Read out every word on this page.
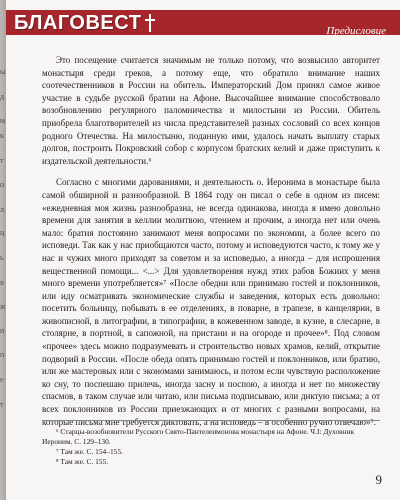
ы
д
м
к
т
о
л
ц
ь
в
ж
и
п
е
т
БЛАГОВЕСТ	Предисловие

Это посещение считается значимым не только потому, что возвысило авторитет монастыря среди греков, а потому еще, что обратило внимание наших соотечественников в России на обитель. Императорский Дом принял самое живое участие в судьбе русской братии на Афоне. Высочайшее внимание способствовало возобновлению регулярного паломничества и милостыни из России. Обитель приобрела благотворителей из числа представителей разных сословий со всех концов родного Отечества. На милостыню, поданную ими, удалось начать выплату старых долгов, построить Покровский собор с корпусом братских келий и даже приступить к издательской деятельности.⁶

Согласно с многими дарованиями, и деятельность о. Иеронима в монастыре была самой обширной и разнообразной. В 1864 году он писал о себе в одном из писем: «ежедневная моя жизнь разнообразна, не всегда одинакова, иногда я имею довольно времени для занятия в келлии молитвою, чтением и прочим, а иногда нет или очень мало: братия постоянно занимают меня вопросами по экономии, а более всего по исповеди. Так как у нас приобщаются часто, потому и исповедуются часто, к тому же у нас и чужих много приходят за советом и за исповедью, а иногда – для испрошения вещественной помощи... <...> Для удовлетворения нужд этих рабов Божиих у меня много времени употребляется»⁷ «После обедни или принимаю гостей и поклонников, или иду осматривать экономические службы и заведения, которых есть довольно: посетить больницу, побывать в ее отделениях, в поварне, в трапезе, в канцелярии, в живописной, в литографии, в типографии, в кожевенном заводе, в кузне, в слесарне, в столярне, в портной, в сапожной, на пристани и на огороде и прочее»⁸. Под словом «прочее» здесь можно подразумевать и строительство новых храмов, келий, открытие подворий в России. «После обеда опять принимаю гостей и поклонников, или братию, или же мастеровых или с экономами занимаюсь, и потом если чувствую расположение ко сну, то поспешаю прилечь, иногда засну и поспою, а иногда и нет по множеству спасмов, в таком случае или читаю, или письма подписываю, или диктую письма; а от всех поклонников из России приезжающих и от многих с разными вопросами, на которые письма мне требуется диктовать, а на исповедь – в особенно ручно отвечаю»⁹.

⁶ Старцы-возобновители Русского Свято-Пантелеимонова монастыря на Афоне. Ч.I: Духовник Иероним. С. 129–130.
⁷ Там же. С. 154–155.
⁸ Там же. С. 155.
9
